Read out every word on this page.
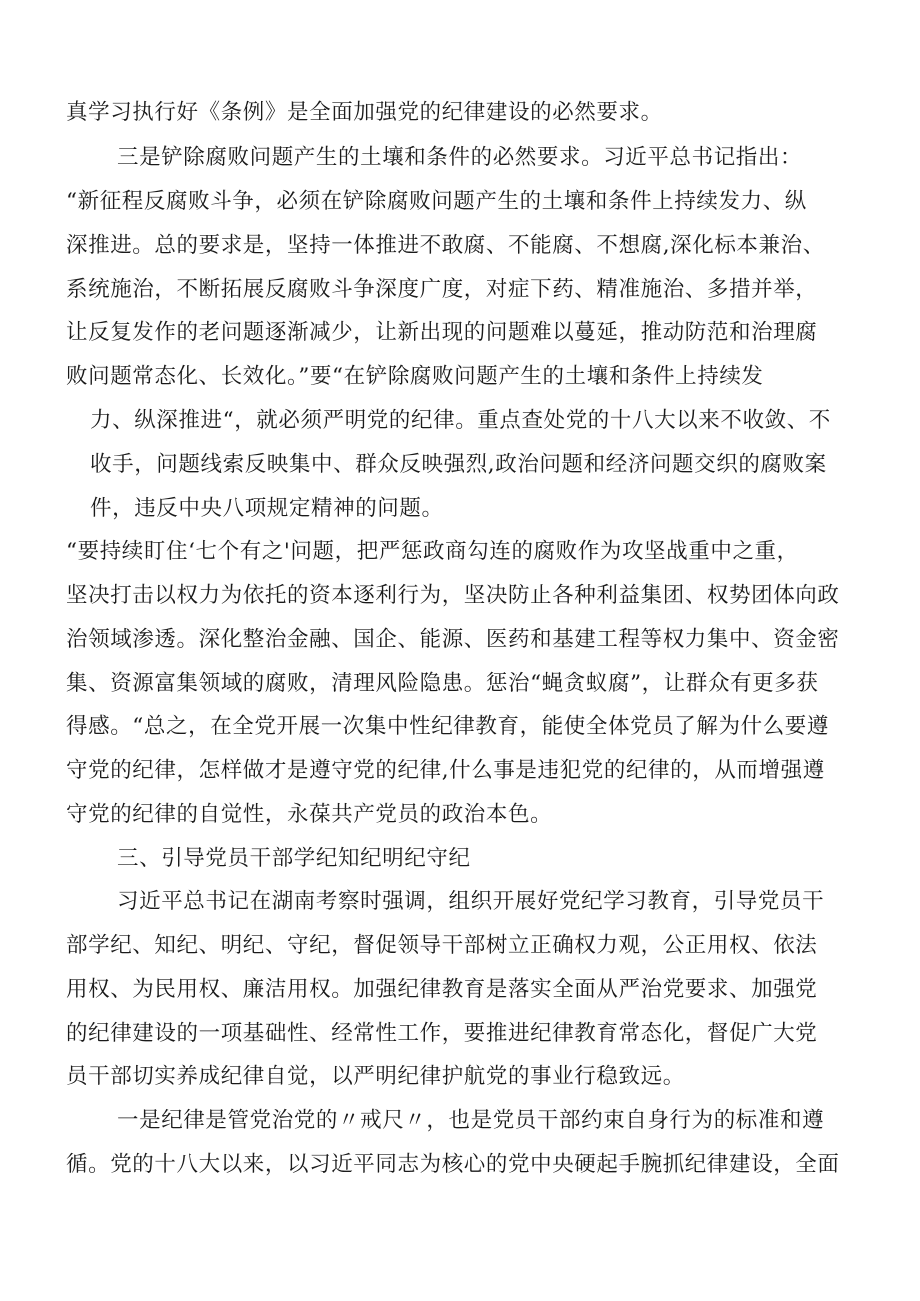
真学习执行好《条例》是全面加强党的纪律建设的必然要求。
三是铲除腐败问题产生的土壤和条件的必然要求。习近平总书记指出：
“新征程反腐败斗争，必须在铲除腐败问题产生的土壤和条件上持续发力、纵
深推进。总的要求是，坚持一体推进不敢腐、不能腐、不想腐,深化标本兼治、
系统施治，不断拓展反腐败斗争深度广度，对症下药、精准施治、多措并举，
让反复发作的老问题逐渐减少，让新出现的问题难以蔓延，推动防范和治理腐
败问题常态化、长效化。”要“在铲除腐败问题产生的土壤和条件上持续发
力、纵深推进“，就必须严明党的纪律。重点查处党的十八大以来不收敛、不
收手，问题线索反映集中、群众反映强烈,政治问题和经济问题交织的腐败案
件，违反中央八项规定精神的问题。
“要持续盯住‘七个有之'问题，把严惩政商勾连的腐败作为攻坚战重中之重，
坚决打击以权力为依托的资本逐利行为，坚决防止各种利益集团、权势团体向政
治领域渗透。深化整治金融、国企、能源、医药和基建工程等权力集中、资金密
集、资源富集领域的腐败，清理风险隐患。惩治“蝇贪蚁腐”，让群众有更多获
得感。“总之，在全党开展一次集中性纪律教育，能使全体党员了解为什么要遵
守党的纪律，怎样做才是遵守党的纪律,什么事是违犯党的纪律的，从而增强遵
守党的纪律的自觉性，永葆共产党员的政治本色。
三、引导党员干部学纪知纪明纪守纪
习近平总书记在湖南考察时强调，组织开展好党纪学习教育，引导党员干
部学纪、知纪、明纪、守纪，督促领导干部树立正确权力观，公正用权、依法
用权、为民用权、廉洁用权。加强纪律教育是落实全面从严治党要求、加强党
的纪律建设的一项基础性、经常性工作，要推进纪律教育常态化，督促广大党
员干部切实养成纪律自觉，以严明纪律护航党的事业行稳致远。
一是纪律是管党治党的〃戒尺〃，也是党员干部约束自身行为的标准和遵
循。党的十八大以来，以习近平同志为核心的党中央硬起手腕抓纪律建设，全面
